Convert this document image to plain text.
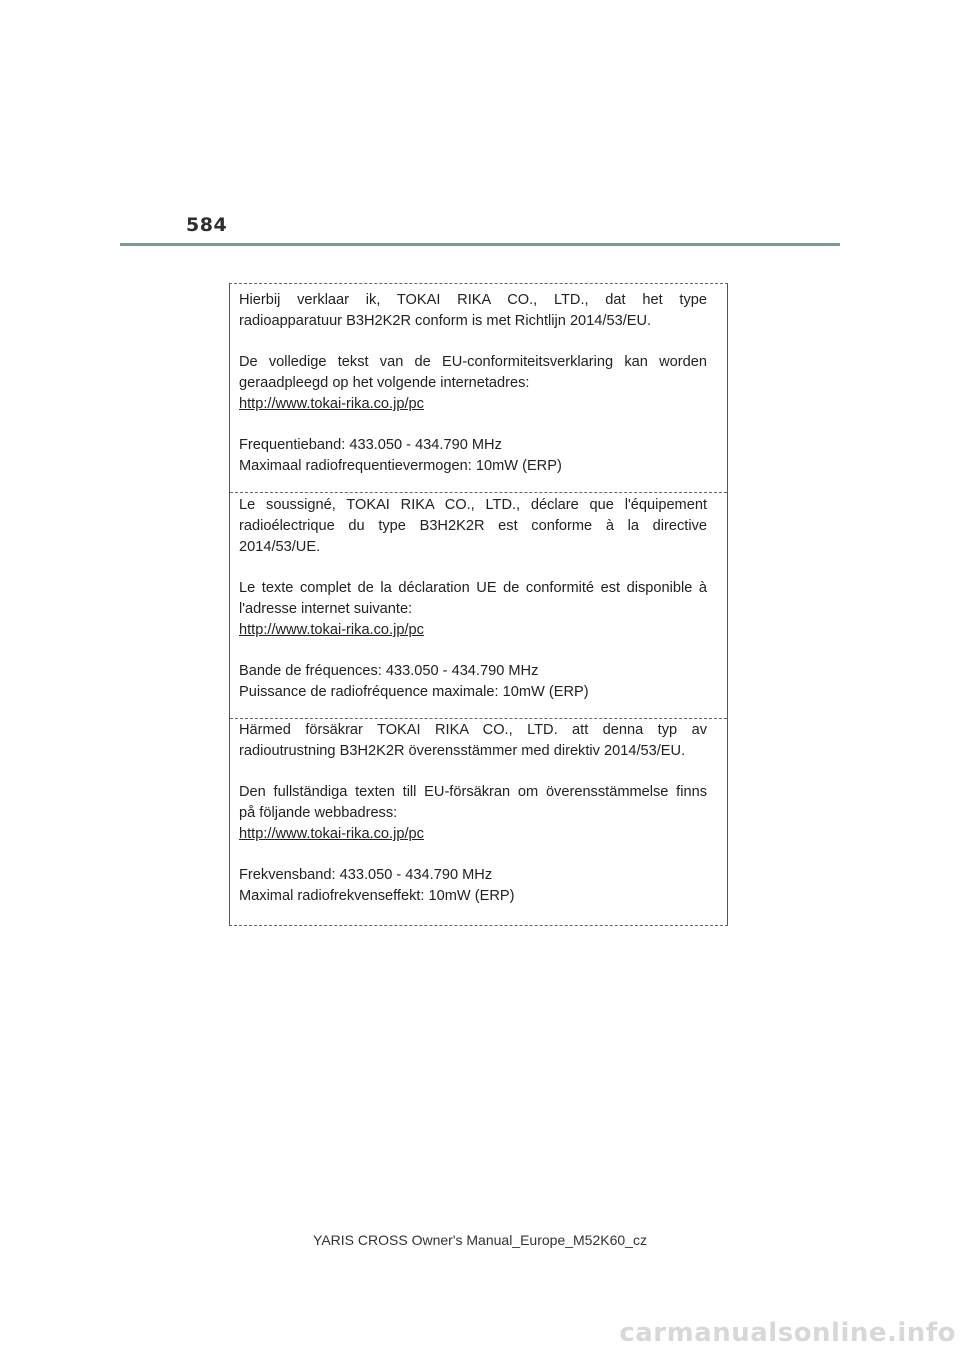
584

Hierbij verklaar ik, TOKAI RIKA CO., LTD., dat het type

radioapparatuur B3H2K2R conform is met Richtlijn 2014/53/EU.

De volledige tekst van de EU-conformiteitsverklaring kan worden

geraadpleegd op het volgende internetadres:

http://www.tokai-rika.co.jp/pc

Frequentieband: 433.050 - 434.790 MHz

Maximaal radiofrequentievermogen: 10mW (ERP)

Le soussigné, TOKAI RIKA CO., LTD., déclare que l'équipement

radioélectrique du type B3H2K2R est conforme à la directive

2014/53/UE.

Le texte complet de la déclaration UE de conformité est disponible à

l'adresse internet suivante:

http://www.tokai-rika.co.jp/pc

Bande de fréquences: 433.050 - 434.790 MHz

Puissance de radiofréquence maximale: 10mW (ERP)

Härmed försäkrar TOKAI RIKA CO., LTD. att denna typ av

radioutrustning B3H2K2R överensstämmer med direktiv 2014/53/EU.

Den fullständiga texten till EU-försäkran om överensstämmelse finns

på följande webbadress:

http://www.tokai-rika.co.jp/pc

Frekvensband: 433.050 - 434.790 MHz

Maximal radiofrekvenseffekt: 10mW (ERP)

YARIS CROSS Owner's Manual_Europe_M52K60_cz
carmanualsonline.info
